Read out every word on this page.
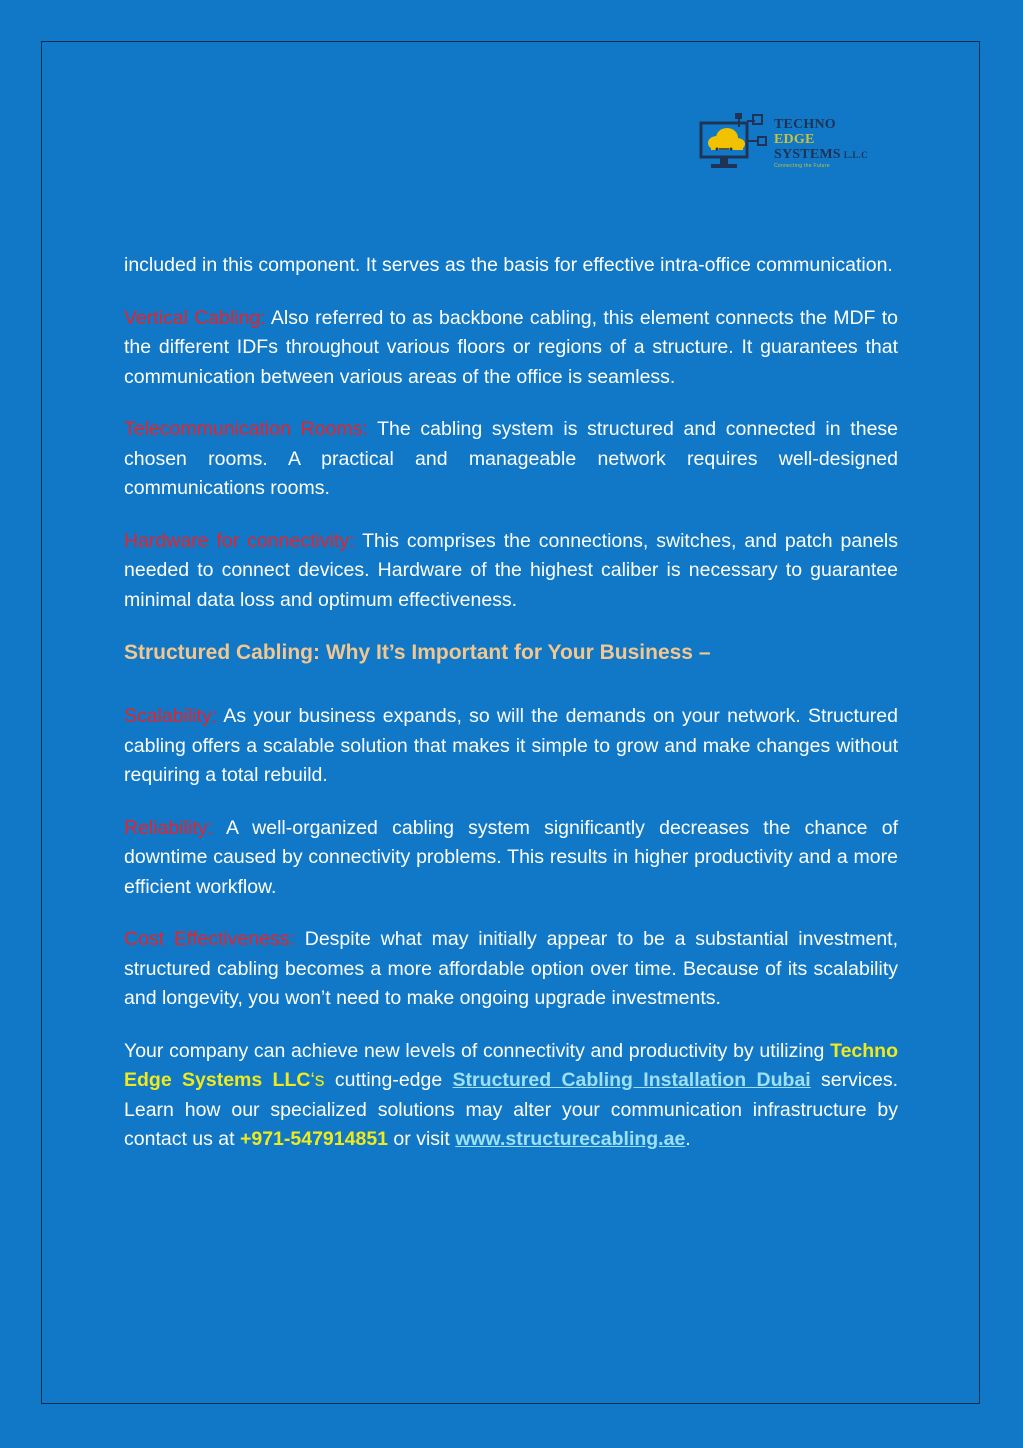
TECHNO
EDGE
SYSTEMS L.L.C
Connecting the Future

included in this component. It serves as the basis for effective intra-office communication.

Vertical Cabling: Also referred to as backbone cabling, this element connects the MDF to the different IDFs throughout various floors or regions of a structure. It guarantees that communication between various areas of the office is seamless.

Telecommunication Rooms: The cabling system is structured and connected in these chosen rooms. A practical and manageable network requires well-designed communications rooms.

Hardware for connectivity: This comprises the connections, switches, and patch panels needed to connect devices. Hardware of the highest caliber is necessary to guarantee minimal data loss and optimum effectiveness.

Structured Cabling: Why It’s Important for Your Business –

Scalability: As your business expands, so will the demands on your network. Structured cabling offers a scalable solution that makes it simple to grow and make changes without requiring a total rebuild.

Reliability: A well-organized cabling system significantly decreases the chance of downtime caused by connectivity problems. This results in higher productivity and a more efficient workflow.

Cost Effectiveness: Despite what may initially appear to be a substantial investment, structured cabling becomes a more affordable option over time. Because of its scalability and longevity, you won’t need to make ongoing upgrade investments.

Your company can achieve new levels of connectivity and productivity by utilizing Techno Edge Systems LLC‘s cutting-edge Structured Cabling Installation Dubai services. Learn how our specialized solutions may alter your communication infrastructure by contact us at +971-547914851 or visit www.structurecabling.ae.
